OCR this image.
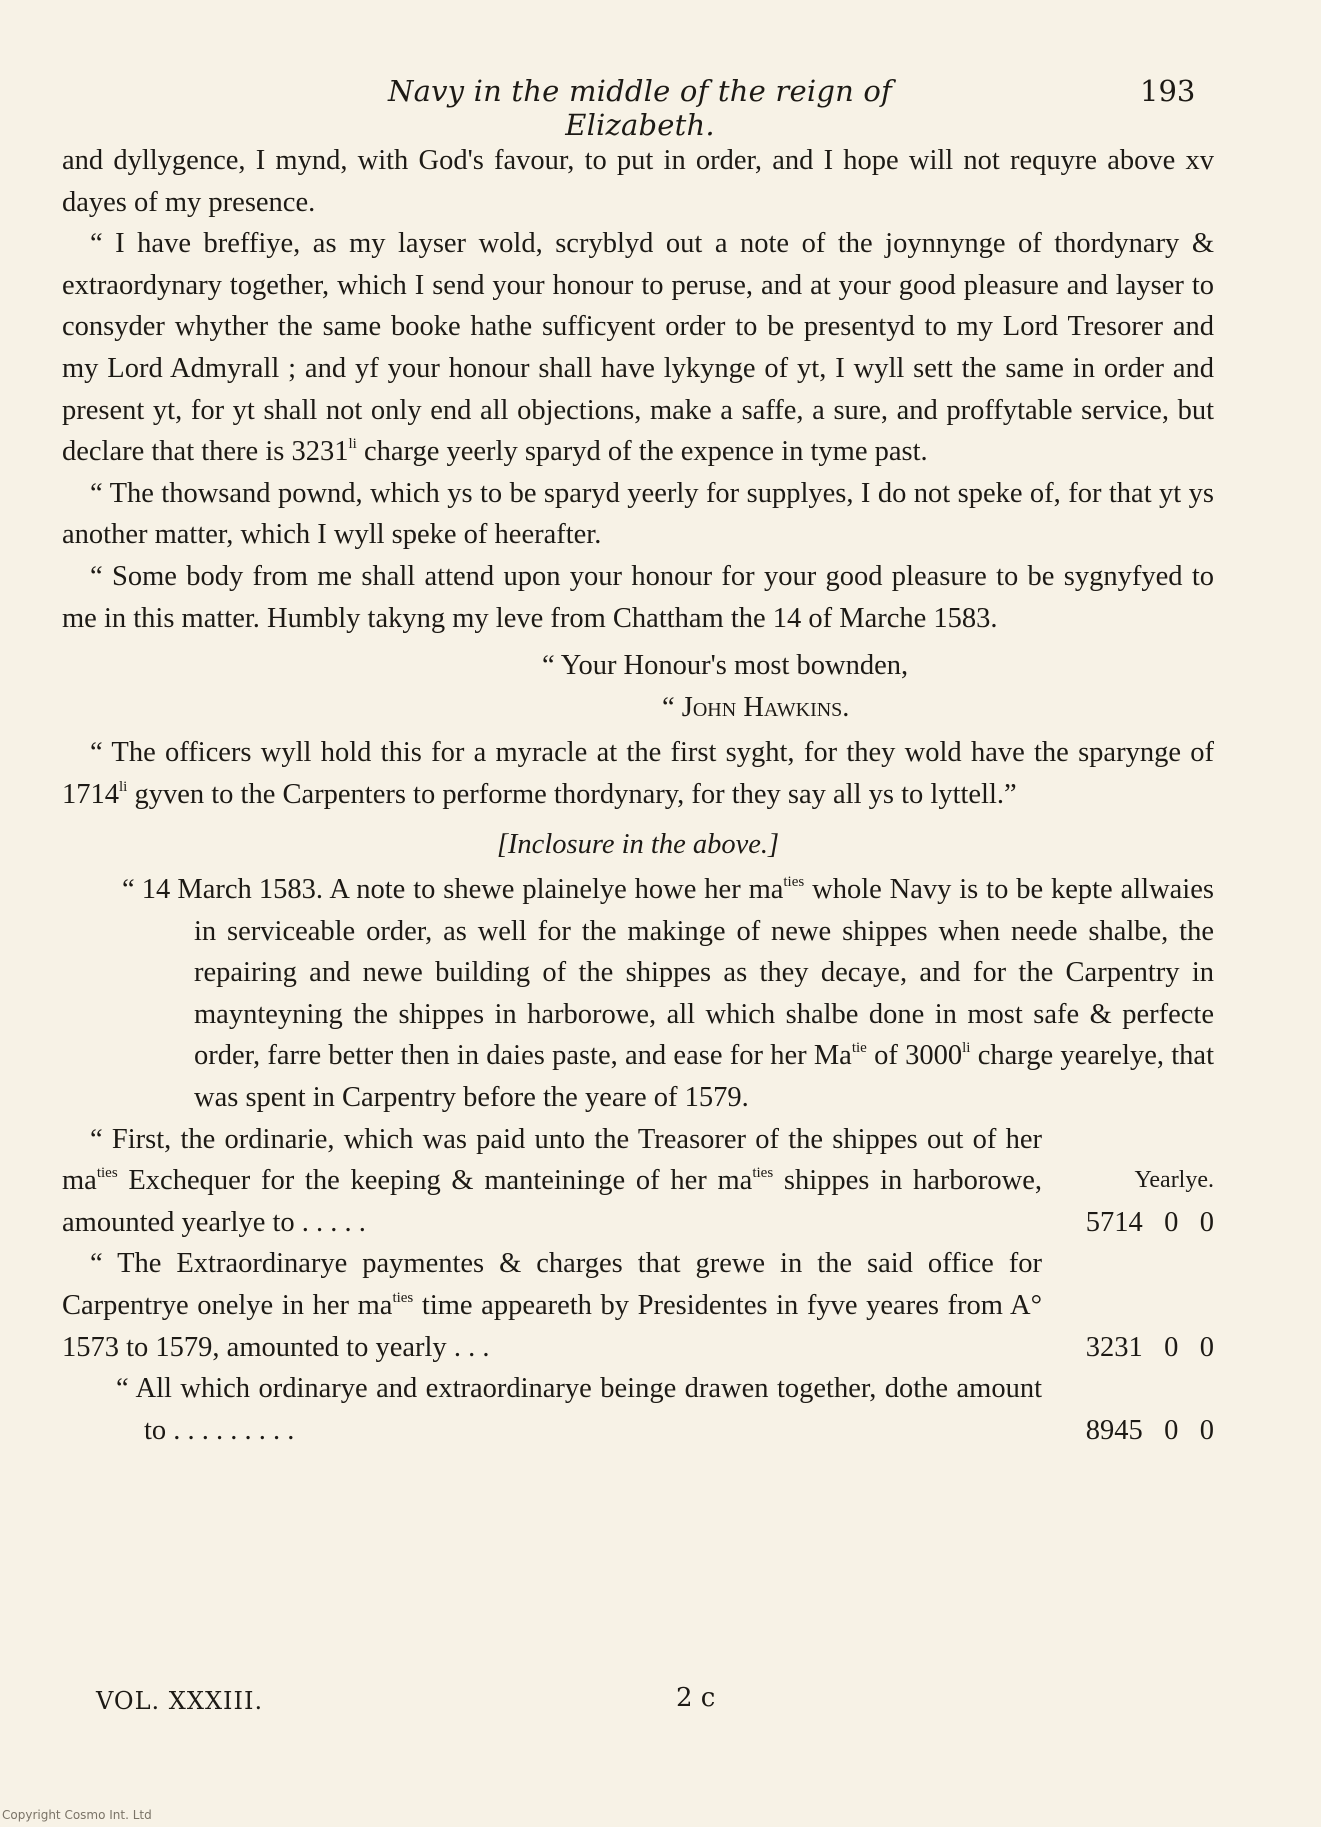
Navy in the middle of the reign of Elizabeth.
193

and dyllygence, I mynd, with God's favour, to put in order, and I hope will not requyre above xv dayes of my presence.

“ I have breffiye, as my layser wold, scryblyd out a note of the joynnynge of thordynary & extraordynary together, which I send your honour to peruse, and at your good pleasure and layser to consyder whyther the same booke hathe sufficyent order to be presentyd to my Lord Tresorer and my Lord Admyrall ; and yf your honour shall have lykynge of yt, I wyll sett the same in order and present yt, for yt shall not only end all objections, make a saffe, a sure, and proffytable service, but declare that there is $3231^{li}$ charge yeerly sparyd of the expence in tyme past.

“ The thowsand pownd, which ys to be sparyd yeerly for supplyes, I do not speke of, for that yt ys another matter, which I wyll speke of heerafter.

“ Some body from me shall attend upon your honour for your good pleasure to be sygnyfyed to me in this matter. Humbly takyng my leve from Chattham the 14 of Marche 1583.

“ Your Honour's most bownden,
“ John Hawkins.

“ The officers wyll hold this for a myracle at the first syght, for they wold have the sparynge of $1714^{li}$ gyven to the Carpenters to performe thordynary, for they say all ys to lyttell.”

[Inclosure in the above.]

“ 14 March 1583. A note to shewe plainelye howe her $ma^{ties}$ whole Navy is to be kepte allwaies in serviceable order, as well for the makinge of newe shippes when neede shalbe, the repairing and newe building of the shippes as they decaye, and for the Carpentry in maynteyning the shippes in harborowe, all which shalbe done in most safe & perfecte order, farre better then in daies paste, and ease for her $Ma^{tie}$ of $3000^{li}$ charge yearelye, that was spent in Carpentry before the yeare of 1579.

“ First, the ordinarie, which was paid unto the Treasorer of the shippes out of her $ma^{ties}$ Exchequer for the keeping & manteininge of her $ma^{ties}$ shippes in harborowe, amounted yearlye to . . . . .
Yearlye.
5714   0   0
“ The Extraordinarye paymentes & charges that grewe in the said office for Carpentrye onelye in her $ma^{ties}$ time appeareth by Presidentes in fyve yeares from A° 1573 to 1579, amounted to yearly . . .	3231   0   0
“ All which ordinarye and extraordinarye beinge drawen together, dothe amount to . . . . . . . . .	8945   0   0
VOL. XXXIII.	2 c
Copyright Cosmo Int. Ltd
